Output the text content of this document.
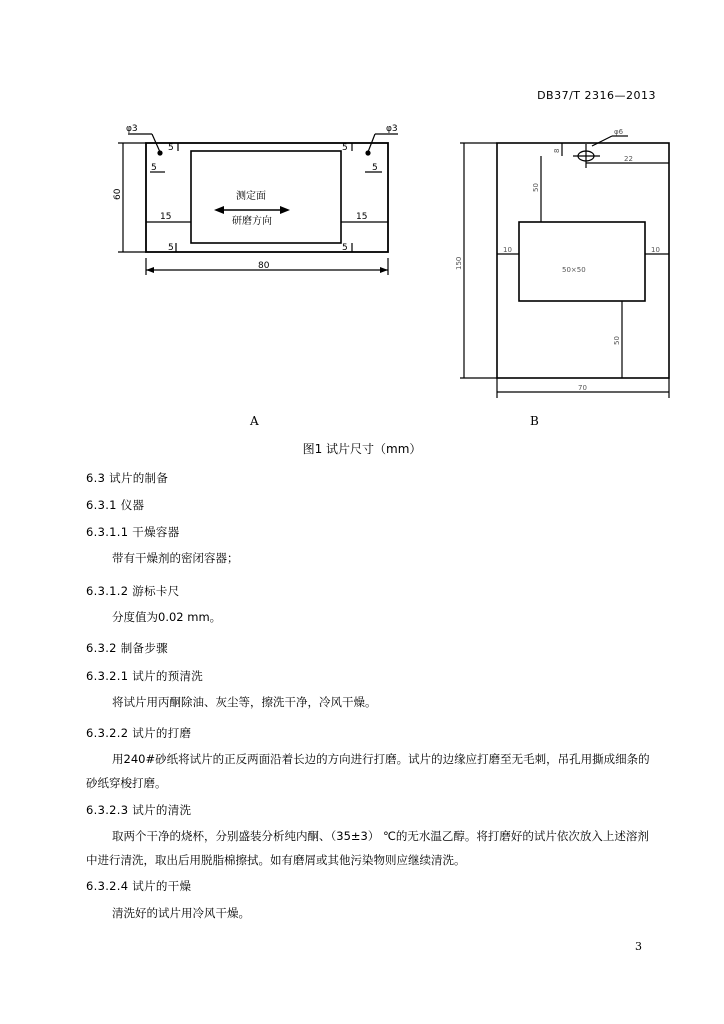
DB37/T 2316—2013
φ3	φ3
5	5
5	5
5	5
15	15
80
60	测定面
研磨方向
φ6
8
22
50
10	10
50×50
150
50
70
A	B
图1 试片尺寸（mm）
6.3 试片的制备
6.3.1 仪器
6.3.1.1 干燥容器
带有干燥剂的密闭容器；
6.3.1.2 游标卡尺
分度值为0.02 mm。
6.3.2 制备步骤
6.3.2.1 试片的预清洗
将试片用丙酮除油、灰尘等，擦洗干净，冷风干燥。
6.3.2.2 试片的打磨
用240#砂纸将试片的正反两面沿着长边的方向进行打磨。试片的边缘应打磨至无毛刺，吊孔用撕成细条的砂纸穿梭打磨。
6.3.2.3 试片的清洗
取两个干净的烧杯，分别盛装分析纯内酮、（35±3） ℃的无水温乙醇。将打磨好的试片依次放入上述溶剂中进行清洗，取出后用脱脂棉擦拭。如有磨屑或其他污染物则应继续清洗。
6.3.2.4 试片的干燥
清洗好的试片用冷风干燥。
3
